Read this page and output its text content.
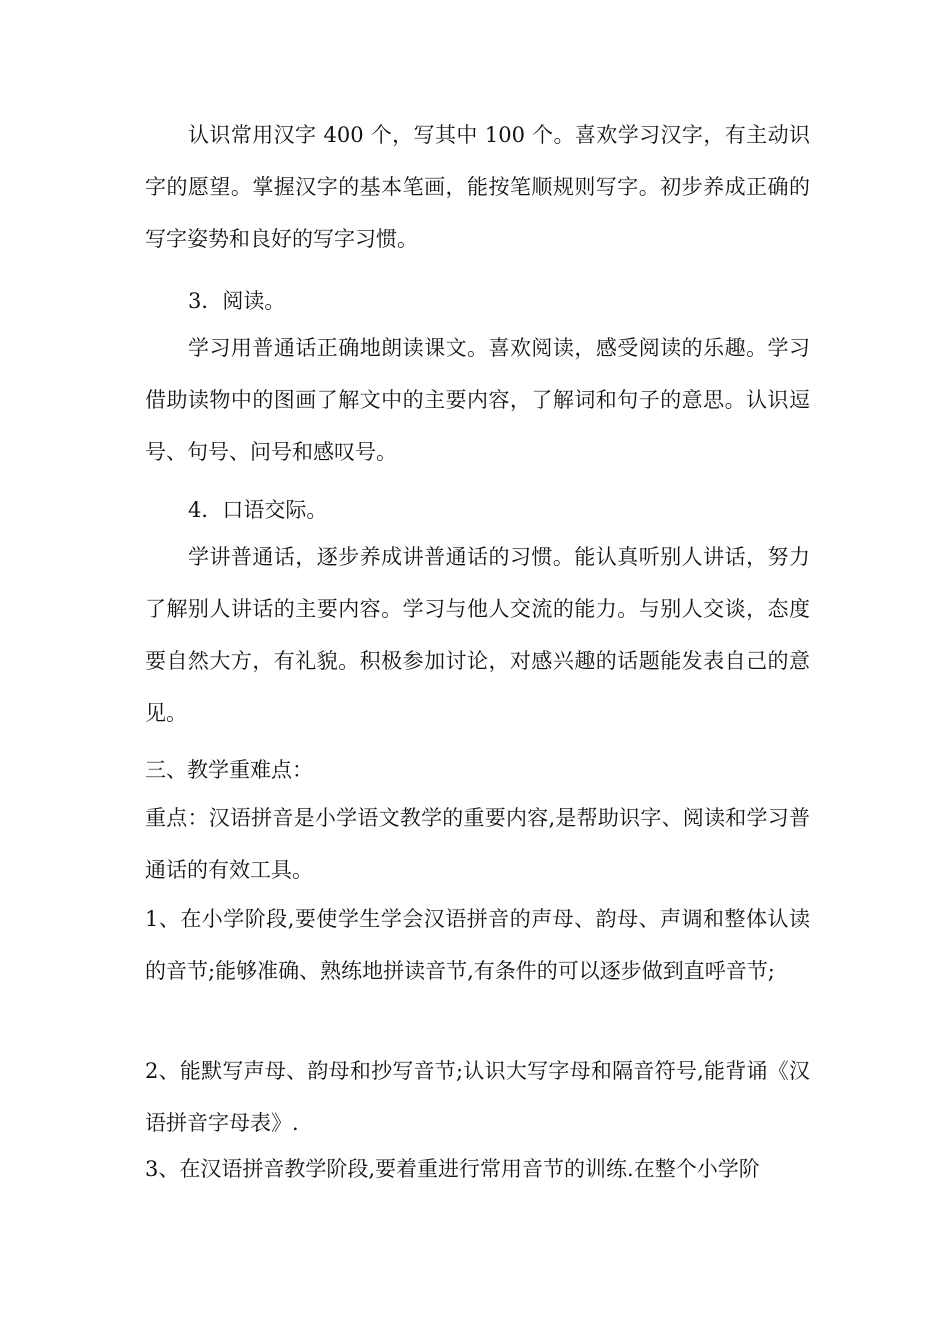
认识常用汉字 400 个，写其中 100 个。喜欢学习汉字，有主动识字的愿望。掌握汉字的基本笔画，能按笔顺规则写字。初步养成正确的写字姿势和良好的写字习惯。

3．阅读。

学习用普通话正确地朗读课文。喜欢阅读，感受阅读的乐趣。学习借助读物中的图画了解文中的主要内容，了解词和句子的意思。认识逗号、句号、问号和感叹号。

4．口语交际。

学讲普通话，逐步养成讲普通话的习惯。能认真听别人讲话，努力了解别人讲话的主要内容。学习与他人交流的能力。与别人交谈，态度要自然大方，有礼貌。积极参加讨论，对感兴趣的话题能发表自己的意见。

三、教学重难点：

重点：汉语拼音是小学语文教学的重要内容,是帮助识字、阅读和学习普通话的有效工具。

1、在小学阶段,要使学生学会汉语拼音的声母、韵母、声调和整体认读的音节;能够准确、熟练地拼读音节,有条件的可以逐步做到直呼音节;

2、能默写声母、韵母和抄写音节;认识大写字母和隔音符号,能背诵《汉语拼音字母表》.

3、在汉语拼音教学阶段,要着重进行常用音节的训练.在整个小学阶
